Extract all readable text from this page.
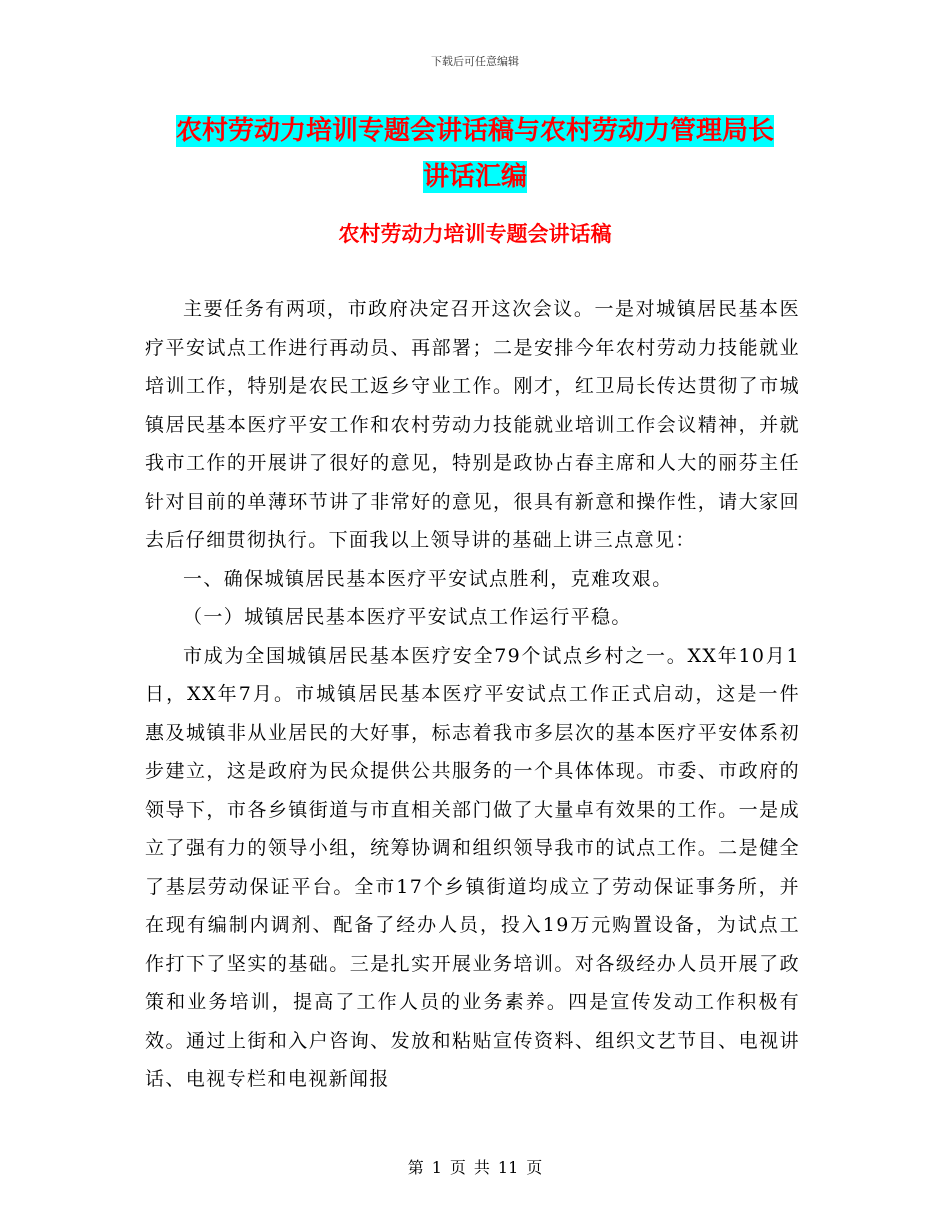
下载后可任意编辑
农村劳动力培训专题会讲话稿与农村劳动力管理局长
讲话汇编
农村劳动力培训专题会讲话稿

主要任务有两项，市政府决定召开这次会议。一是对城镇居民基本医疗平安试点工作进行再动员、再部署；二是安排今年农村劳动力技能就业培训工作，特别是农民工返乡守业工作。刚才，红卫局长传达贯彻了市城镇居民基本医疗平安工作和农村劳动力技能就业培训工作会议精神，并就我市工作的开展讲了很好的意见，特别是政协占春主席和人大的丽芬主任针对目前的单薄环节讲了非常好的意见，很具有新意和操作性，请大家回去后仔细贯彻执行。下面我以上领导讲的基础上讲三点意见：

一、确保城镇居民基本医疗平安试点胜利，克难攻艰。

（一）城镇居民基本医疗平安试点工作运行平稳。

市成为全国城镇居民基本医疗安全79个试点乡村之一。XX年10月1日，XX年7月。市城镇居民基本医疗平安试点工作正式启动，这是一件惠及城镇非从业居民的大好事，标志着我市多层次的基本医疗平安体系初步建立，这是政府为民众提供公共服务的一个具体体现。市委、市政府的领导下，市各乡镇街道与市直相关部门做了大量卓有效果的工作。一是成立了强有力的领导小组，统筹协调和组织领导我市的试点工作。二是健全了基层劳动保证平台。全市17个乡镇街道均成立了劳动保证事务所，并在现有编制内调剂、配备了经办人员，投入19万元购置设备，为试点工作打下了坚实的基础。三是扎实开展业务培训。对各级经办人员开展了政策和业务培训，提高了工作人员的业务素养。四是宣传发动工作积极有效。通过上街和入户咨询、发放和粘贴宣传资料、组织文艺节目、电视讲话、电视专栏和电视新闻报

第 1 页 共 11 页
